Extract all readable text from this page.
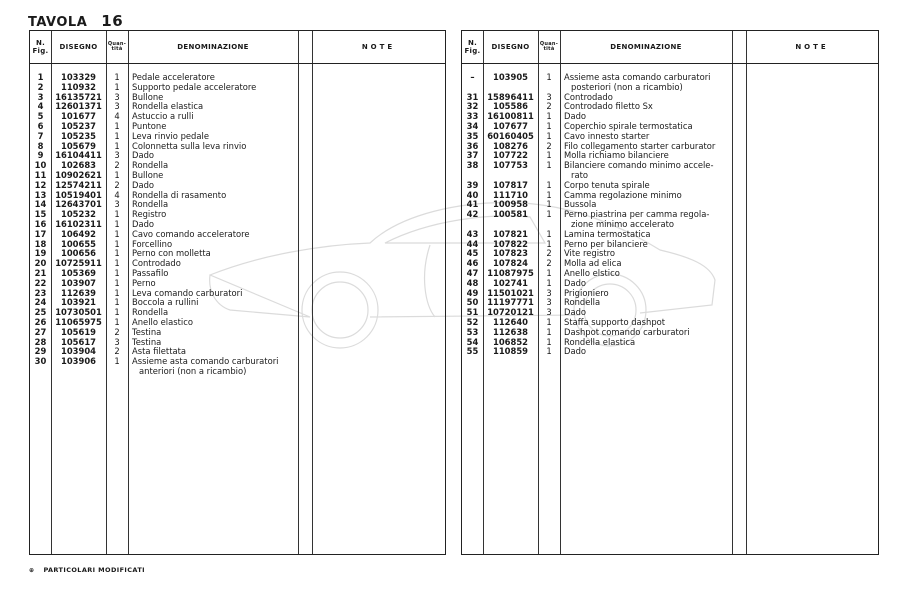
TAVOLA 16
N. Fig.	DISEGNO	Quan- tità	DENOMINAZIONE	NOTE
1	103329	1	Pedale acceleratore
2	110932	1	Supporto pedale acceleratore
3	16135721	3	Bullone
4	12601371	3	Rondella elastica
5	101677	4	Astuccio a rulli
6	105237	1	Puntone
7	105235	1	Leva rinvio pedale
8	105679	1	Colonnetta sulla leva rinvio
9	16104411	3	Dado
10	102683	2	Rondella
11	10902621	1	Bullone
12	12574211	2	Dado
13	10519401	4	Rondella di rasamento
14	12643701	3	Rondella
15	105232	1	Registro
16	16102311	1	Dado
17	106492	1	Cavo comando acceleratore
18	100655	1	Forcellino
19	100656	1	Perno con molletta
20	10725911	1	Controdado
21	105369	1	Passafilo
22	103907	1	Perno
23	112639	1	Leva comando carburatori
24	103921	1	Boccola a rullini
25	10730501	1	Rondella
26	11065975	1	Anello elastico
27	105619	2	Testina
28	105617	3	Testina
29	103904	2	Asta filettata
30	103906	1	Assieme asta comando carburatori
anteriori (non a ricambio)
N. Fig.	DISEGNO	Quan- tità	DENOMINAZIONE	NOTE
–	103905	1	Assieme asta comando carburatori
posteriori (non a ricambio)
31	15896411	3	Controdado
32	105586	2	Controdado filetto Sx
33	16100811	1	Dado
34	107677	1	Coperchio spirale termostatica
35	60160405	1	Cavo innesto starter
36	108276	2	Filo collegamento starter carburator
37	107722	1	Molla richiamo bilanciere
38	107753	1	Bilanciere comando minimo accele-
rato
39	107817	1	Corpo tenuta spirale
40	111710	1	Camma regolazione minimo
41	100958	1	Bussola
42	100581	1	Perno piastrina per camma regola-
zione minimo accelerato
43	107821	1	Lamina termostatica
44	107822	1	Perno per bilanciere
45	107823	2	Vite registro
46	107824	2	Molla ad elica
47	11087975	1	Anello elstico
48	102741	1	Dado
49	11501021	3	Prigioniero
50	11197771	3	Rondella
51	10720121	3	Dado
52	112640	1	Staffa supporto dashpot
53	112638	1	Dashpot comando carburatori
54	106852	1	Rondella elastica
55	110859	1	Dado
⊕ PARTICOLARI MODIFICATI
